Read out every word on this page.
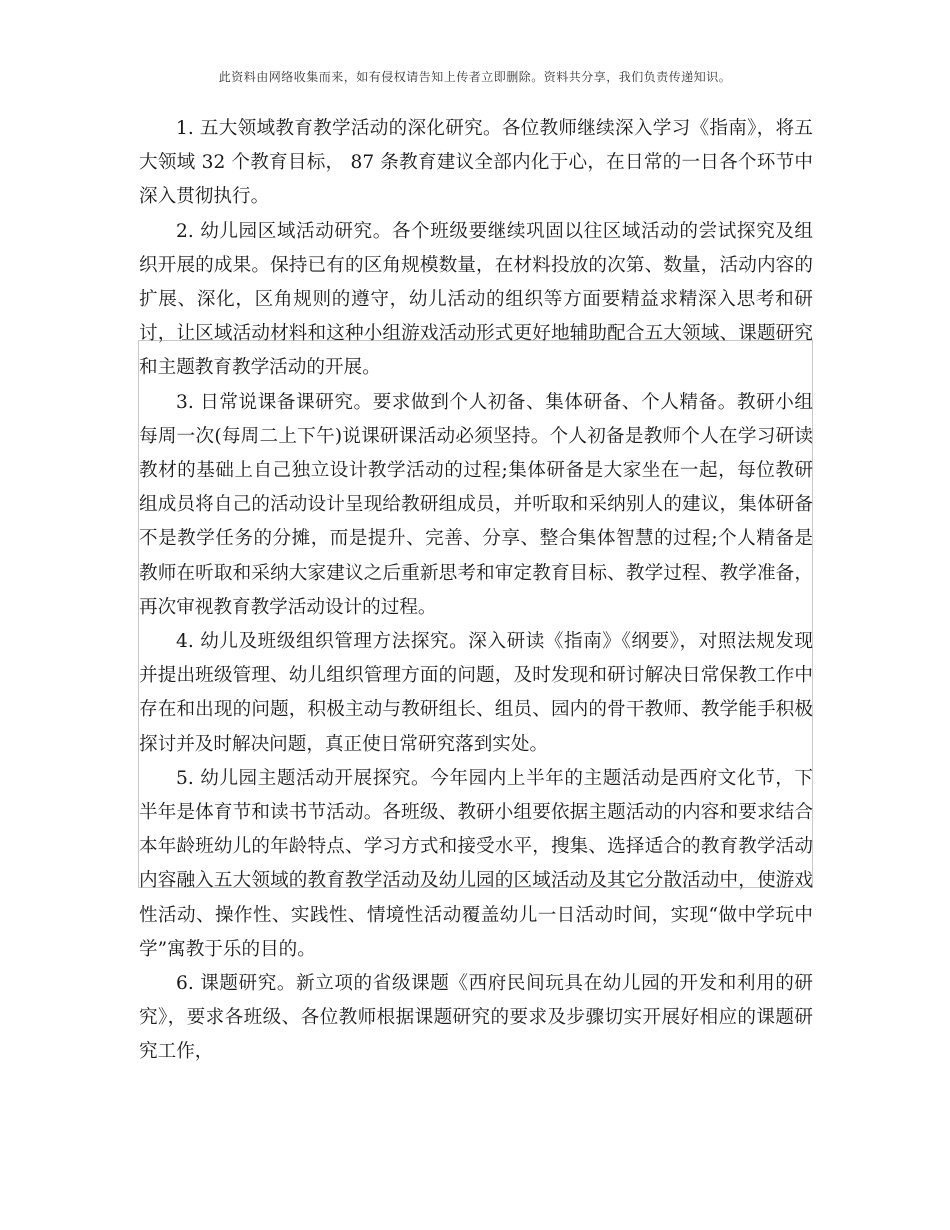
此资料由网络收集而来，如有侵权请告知上传者立即删除。资料共分享，我们负责传递知识。

1. 五大领域教育教学活动的深化研究。各位教师继续深入学习《指南》，将五大领域 32 个教育目标， 87 条教育建议全部内化于心，在日常的一日各个环节中深入贯彻执行。

2. 幼儿园区域活动研究。各个班级要继续巩固以往区域活动的尝试探究及组织开展的成果。保持已有的区角规模数量，在材料投放的次第、数量，活动内容的扩展、深化，区角规则的遵守，幼儿活动的组织等方面要精益求精深入思考和研讨，让区域活动材料和这种小组游戏活动形式更好地辅助配合五大领域、课题研究和主题教育教学活动的开展。

3. 日常说课备课研究。要求做到个人初备、集体研备、个人精备。教研小组每周一次(每周二上下午)说课研课活动必须坚持。个人初备是教师个人在学习研读教材的基础上自己独立设计教学活动的过程;集体研备是大家坐在一起，每位教研组成员将自己的活动设计呈现给教研组成员，并听取和采纳别人的建议，集体研备不是教学任务的分摊，而是提升、完善、分享、整合集体智慧的过程;个人精备是教师在听取和采纳大家建议之后重新思考和审定教育目标、教学过程、教学准备，再次审视教育教学活动设计的过程。

4. 幼儿及班级组织管理方法探究。深入研读《指南》《纲要》，对照法规发现并提出班级管理、幼儿组织管理方面的问题，及时发现和研讨解决日常保教工作中存在和出现的问题，积极主动与教研组长、组员、园内的骨干教师、教学能手积极探讨并及时解决问题，真正使日常研究落到实处。

5. 幼儿园主题活动开展探究。今年园内上半年的主题活动是西府文化节，下半年是体育节和读书节活动。各班级、教研小组要依据主题活动的内容和要求结合本年龄班幼儿的年龄特点、学习方式和接受水平，搜集、选择适合的教育教学活动内容融入五大领域的教育教学活动及幼儿园的区域活动及其它分散活动中，使游戏性活动、操作性、实践性、情境性活动覆盖幼儿一日活动时间，实现“做中学玩中学”寓教于乐的目的。

6. 课题研究。新立项的省级课题《西府民间玩具在幼儿园的开发和利用的研究》，要求各班级、各位教师根据课题研究的要求及步骤切实开展好相应的课题研究工作，
